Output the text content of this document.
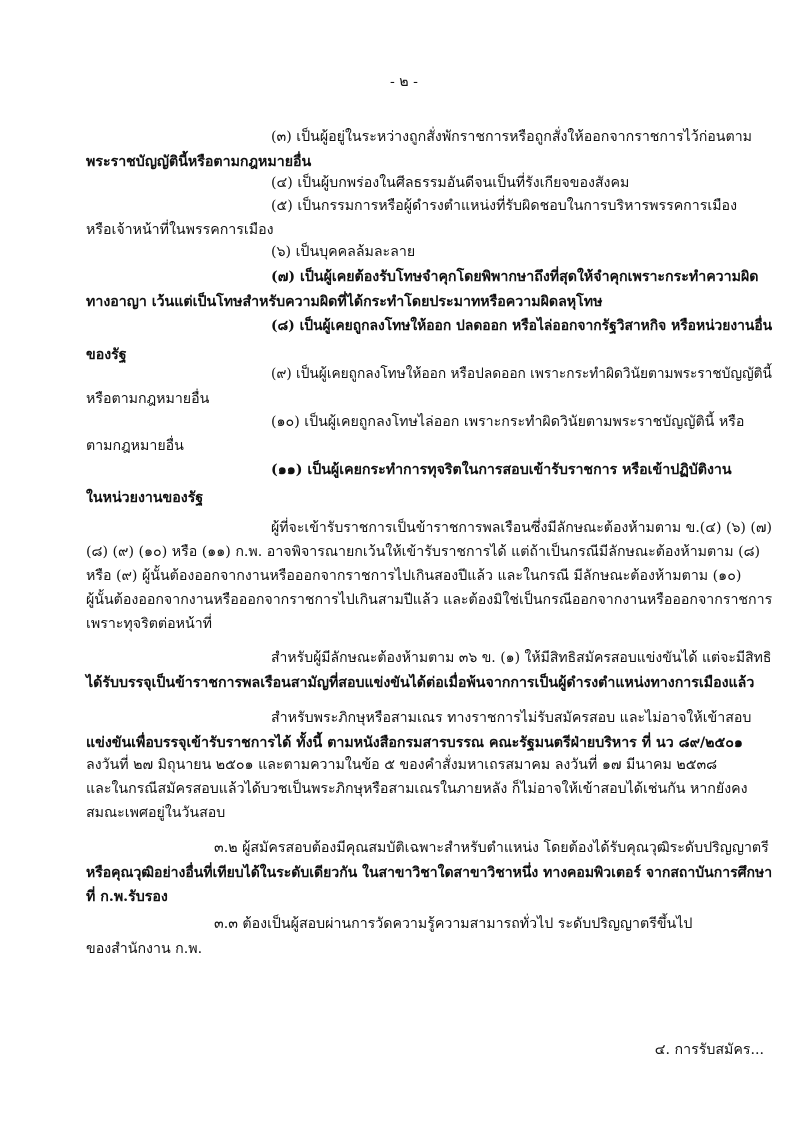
- ๒ -
(๓) เป็นผู้อยู่ในระหว่างถูกสั่งพักราชการหรือถูกสั่งให้ออกจากราชการไว้ก่อนตาม
พระราชบัญญัตินี้หรือตามกฎหมายอื่น
(๔) เป็นผู้บกพร่องในศีลธรรมอันดีจนเป็นที่รังเกียจของสังคม
(๕) เป็นกรรมการหรือผู้ดำรงตำแหน่งที่รับผิดชอบในการบริหารพรรคการเมือง
หรือเจ้าหน้าที่ในพรรคการเมือง
(๖) เป็นบุคคลล้มละลาย
(๗) เป็นผู้เคยต้องรับโทษจำคุกโดยพิพากษาถึงที่สุดให้จำคุกเพราะกระทำความผิด
ทางอาญา เว้นแต่เป็นโทษสำหรับความผิดที่ได้กระทำโดยประมาทหรือความผิดลหุโทษ
(๘) เป็นผู้เคยถูกลงโทษให้ออก ปลดออก หรือไล่ออกจากรัฐวิสาหกิจ หรือหน่วยงานอื่น
ของรัฐ
(๙) เป็นผู้เคยถูกลงโทษให้ออก หรือปลดออก เพราะกระทำผิดวินัยตามพระราชบัญญัตินี้
หรือตามกฎหมายอื่น
(๑๐) เป็นผู้เคยถูกลงโทษไล่ออก เพราะกระทำผิดวินัยตามพระราชบัญญัตินี้ หรือ
ตามกฎหมายอื่น
(๑๑) เป็นผู้เคยกระทำการทุจริตในการสอบเข้ารับราชการ หรือเข้าปฏิบัติงาน
ในหน่วยงานของรัฐ
ผู้ที่จะเข้ารับราชการเป็นข้าราชการพลเรือนซึ่งมีลักษณะต้องห้ามตาม ข.(๔) (๖) (๗)
(๘) (๙) (๑๐) หรือ (๑๑) ก.พ. อาจพิจารณายกเว้นให้เข้ารับราชการได้ แต่ถ้าเป็นกรณีมีลักษณะต้องห้ามตาม (๘)
หรือ (๙) ผู้นั้นต้องออกจากงานหรือออกจากราชการไปเกินสองปีแล้ว และในกรณี มีลักษณะต้องห้ามตาม (๑๐)
ผู้นั้นต้องออกจากงานหรือออกจากราชการไปเกินสามปีแล้ว และต้องมิใช่เป็นกรณีออกจากงานหรือออกจากราชการ
เพราะทุจริตต่อหน้าที่
สำหรับผู้มีลักษณะต้องห้ามตาม ๓๖ ข. (๑) ให้มีสิทธิสมัครสอบแข่งขันได้ แต่จะมีสิทธิ
ได้รับบรรจุเป็นข้าราชการพลเรือนสามัญที่สอบแข่งขันได้ต่อเมื่อพ้นจากการเป็นผู้ดำรงตำแหน่งทางการเมืองแล้ว
สำหรับพระภิกษุหรือสามเณร ทางราชการไม่รับสมัครสอบ และไม่อาจให้เข้าสอบ
แข่งขันเพื่อบรรจุเข้ารับราชการได้ ทั้งนี้ ตามหนังสือกรมสารบรรณ คณะรัฐมนตรีฝ่ายบริหาร ที่ นว ๘๙/๒๕๐๑
ลงวันที่ ๒๗ มิถุนายน ๒๕๐๑ และตามความในข้อ ๕ ของคำสั่งมหาเถรสมาคม ลงวันที่ ๑๗ มีนาคม ๒๕๓๘
และในกรณีสมัครสอบแล้วได้บวชเป็นพระภิกษุหรือสามเณรในภายหลัง ก็ไม่อาจให้เข้าสอบได้เช่นกัน หากยังคง
สมณะเพศอยู่ในวันสอบ
๓.๒ ผู้สมัครสอบต้องมีคุณสมบัติเฉพาะสำหรับตำแหน่ง โดยต้องได้รับคุณวุฒิระดับปริญญาตรี
หรือคุณวุฒิอย่างอื่นที่เทียบได้ในระดับเดียวกัน ในสาขาวิชาใดสาขาวิชาหนึ่ง ทางคอมพิวเตอร์ จากสถาบันการศึกษา
ที่ ก.พ.รับรอง
๓.๓ ต้องเป็นผู้สอบผ่านการวัดความรู้ความสามารถทั่วไป ระดับปริญญาตรีขึ้นไป
ของสำนักงาน ก.พ.
๔. การรับสมัคร...
